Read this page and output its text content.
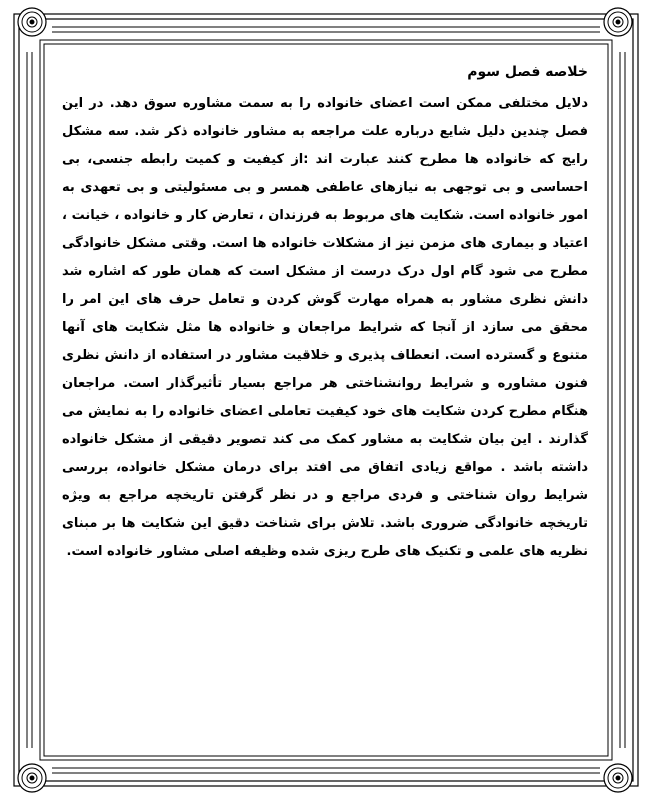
خلاصه فصل سوم

دلایل مختلفی ممکن است اعضای خانواده را به سمت مشاوره سوق دهد. در این فصل چندین دلیل شایع درباره علت مراجعه به مشاور خانواده ذکر شد. سه مشکل رایج که خانواده ها مطرح کنند عبارت اند :از کیفیت و کمیت رابطه جنسی، بی احساسی و بی توجهی به نیازهای عاطفی همسر و بی مسئولیتی و بی تعهدی به امور خانواده است. شکایت های مربوط به فرزندان ، تعارض کار و خانواده ، خیانت ، اعتیاد و بیماری های مزمن نیز از مشکلات خانواده ها است. وقتی مشکل خانوادگی مطرح می شود گام اول درک درست از مشکل است که همان طور که اشاره شد دانش نظری مشاور به همراه مهارت گوش کردن و تعامل حرف های این امر را محقق می سازد از آنجا که شرایط مراجعان و خانواده ها مثل شکایت های آنها متنوع و گسترده است. انعطاف پذیری و خلاقیت مشاور در استفاده از دانش نظری فنون مشاوره و شرایط روانشناختی هر مراجع بسیار تأثیرگذار است. مراجعان هنگام مطرح کردن شکایت های خود کیفیت تعاملی اعضای خانواده را به نمایش می گذارند . این بیان شکایت به مشاور کمک می کند تصویر دقیقی از مشکل خانواده داشته باشد . مواقع زیادی اتفاق می افتد برای درمان مشکل خانواده، بررسی شرایط روان شناختی و فردی مراجع و در نظر گرفتن تاریخچه مراجع به ویژه تاریخچه خانوادگی ضروری باشد. تلاش برای شناخت دقیق این شکایت ها بر مبنای نظریه های علمی و تکنیک های طرح ریزی شده وظیفه اصلی مشاور خانواده است.
